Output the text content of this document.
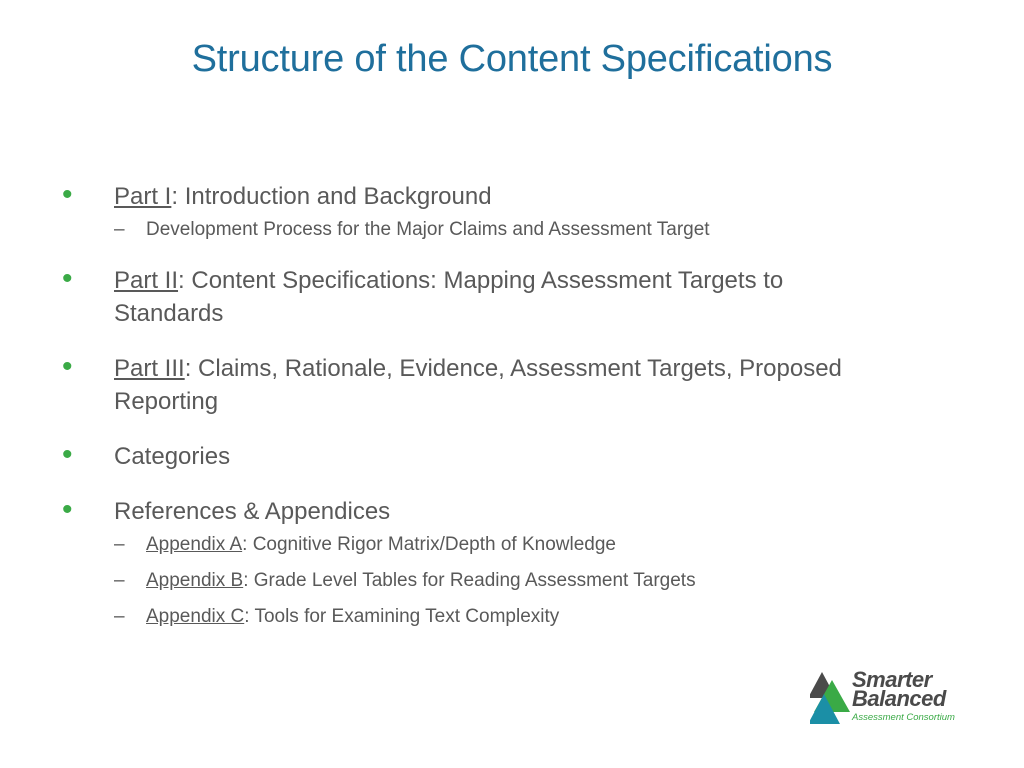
Structure of the Content Specifications
• Part I: Introduction and Background
– Development Process for the Major Claims and Assessment Target
• Part II: Content Specifications: Mapping Assessment Targets to Standards
• Part III: Claims, Rationale, Evidence, Assessment Targets, Proposed Reporting
• Categories
• References & Appendices
– Appendix A: Cognitive Rigor Matrix/Depth of Knowledge
– Appendix B: Grade Level Tables for Reading Assessment Targets
– Appendix C: Tools for Examining Text Complexity
Smarter
Balanced
Assessment Consortium
